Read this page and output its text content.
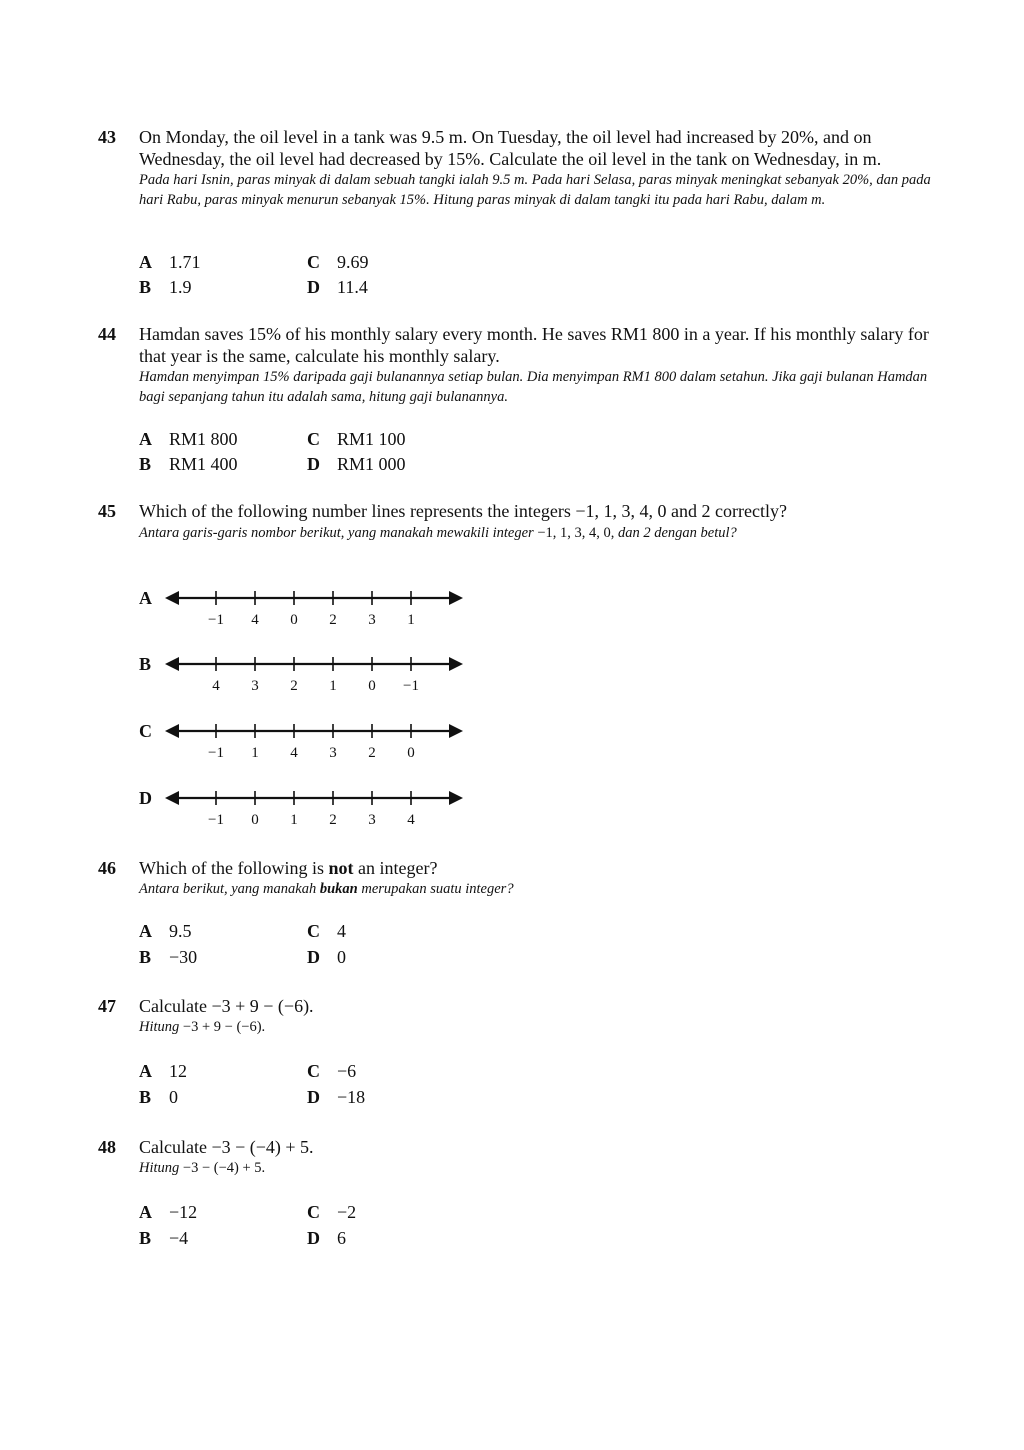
43 On Monday, the oil level in a tank was 9.5 m. On Tuesday, the oil level had increased by 20%, and on Wednesday, the oil level had decreased by 15%. Calculate the oil level in the tank on Wednesday, in m.
Pada hari Isnin, paras minyak di dalam sebuah tangki ialah 9.5 m. Pada hari Selasa, paras minyak meningkat sebanyak 20%, dan pada hari Rabu, paras minyak menurun sebanyak 15%. Hitung paras minyak di dalam tangki itu pada hari Rabu, dalam m.
A 1.71
B 1.9
C 9.69
D 11.4
44 Hamdan saves 15% of his monthly salary every month. He saves RM1 800 in a year. If his monthly salary for that year is the same, calculate his monthly salary.
Hamdan menyimpan 15% daripada gaji bulanannya setiap bulan. Dia menyimpan RM1 800 dalam setahun. Jika gaji bulanan Hamdan bagi sepanjang tahun itu adalah sama, hitung gaji bulanannya.
A RM1 800
B RM1 400
C RM1 100
D RM1 000
45 Which of the following number lines represents the integers −1, 1, 3, 4, 0 and 2 correctly?
Antara garis-garis nombor berikut, yang manakah mewakili integer −1, 1, 3, 4, 0, dan 2 dengan betul?
A
−1	4	0	2	3	1
B
4	3	2	1	0	−1
C
−1	1	4	3	2	0
D
−1	0	1	2	3	4
46 Which of the following is not an integer?
Antara berikut, yang manakah bukan merupakan suatu integer?
A 9.5
B −30
C 4
D 0
47 Calculate −3 + 9 − (−6).
Hitung −3 + 9 − (−6).
A 12
B 0
C −6
D −18
48 Calculate −3 − (−4) + 5.
Hitung −3 − (−4) + 5.
A −12
B −4
C −2
D 6
